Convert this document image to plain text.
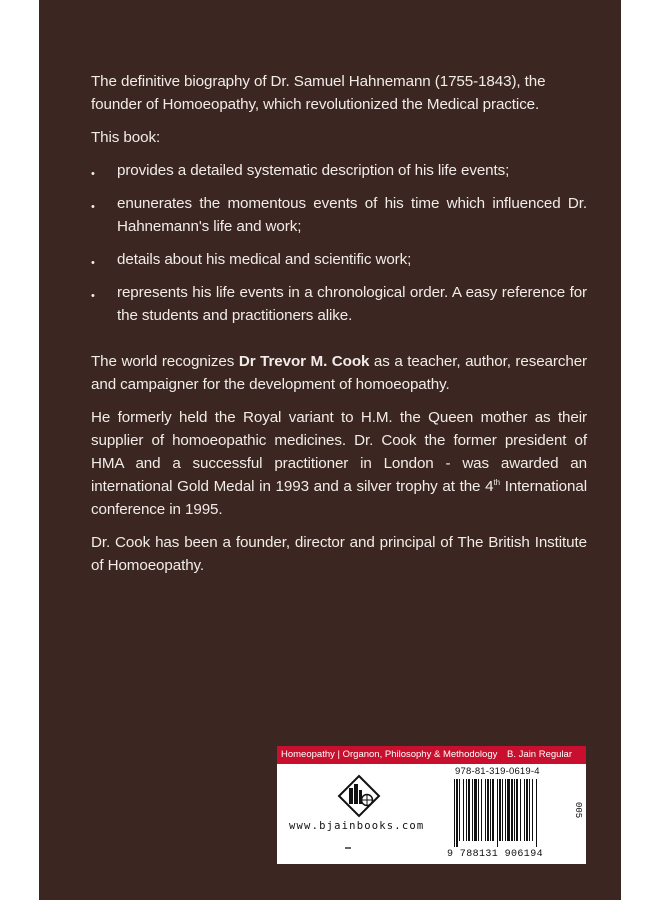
The definitive biography of Dr. Samuel Hahnemann (1755-1843), the founder of Homoeopathy, which revolutionized the Medical practice.

This book:

• provides a detailed systematic description of his life events;
• enunerates the momentous events of his time which influenced Dr. Hahnemann's life and work;
• details about his medical and scientific work;
• represents his life events in a chronological order. A easy reference for the students and practitioners alike.

The world recognizes Dr Trevor M. Cook as a teacher, author, researcher and campaigner for the development of homoeopathy.

He formerly held the Royal variant to H.M. the Queen mother as their supplier of homoeopathic medicines. Dr. Cook the former president of HMA and a successful practitioner in London - was awarded an international Gold Medal in 1993 and a silver trophy at the 4th International conference in 1995.

Dr. Cook has been a founder, director and principal of The British Institute of Homoeopathy.

Homeopathy | Organon, Philosophy & Methodology B. Jain Regular
www.bjainbooks.com
978-81-319-0619-4
9 788131 906194
005
